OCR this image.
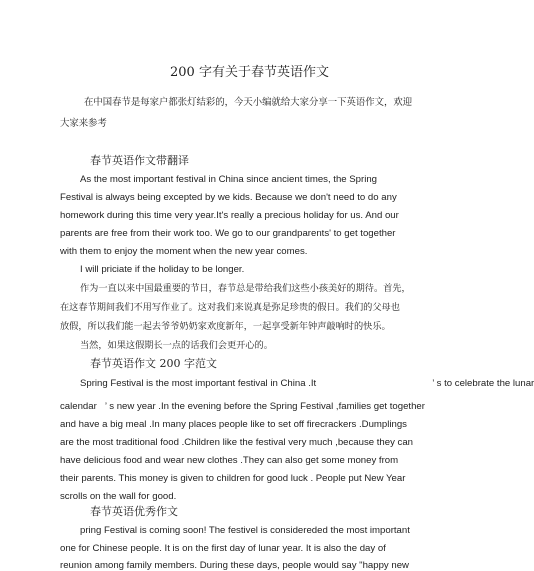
200 字有关于春节英语作文
在中国春节是每家户都张灯结彩的，今天小编就给大家分享一下英语作文，欢迎
大家来参考
春节英语作文带翻译
As the most important festival in China since ancient times, the Spring
Festival is always being excepted by we kids. Because we don't need to do any
homework during this time very year.It's really a precious holiday for us. And our
parents are free from their work too. We go to our grandparents' to get together
with them to enjoy the moment when the new year comes.
I will priciate if the holiday to be longer.
作为一直以来中国最重要的节日，春节总是带给我们这些小孩美好的期待。首先，
在这春节期间我们不用写作业了。这对我们来说真是弥足珍贵的假日。我们的父母也
放假，所以我们能一起去爷爷奶奶家欢度新年，一起享受新年钟声敲响时的快乐。
当然，如果这假期长一点的话我们会更开心的。
春节英语作文 200 字范文
Spring Festival is the most important festival in China .It	’ s to celebrate the lunar
calendar ’ s new year .In the evening before the Spring Festival ,families get together
and have a big meal .In many places people like to set off firecrackers .Dumplings
are the most traditional food .Children like the festival very much ,because they can
have delicious food and wear new clothes .They can also get some money from
their parents. This money is given to children for good luck . People put New Year
scrolls on the wall for good.
春节英语优秀作文
pring Festival is coming soon! The festivel is considereded the most important
one for Chinese people. It is on the first day of lunar year. It is also the day of
reunion among family members. During these days, people would say "happy new
